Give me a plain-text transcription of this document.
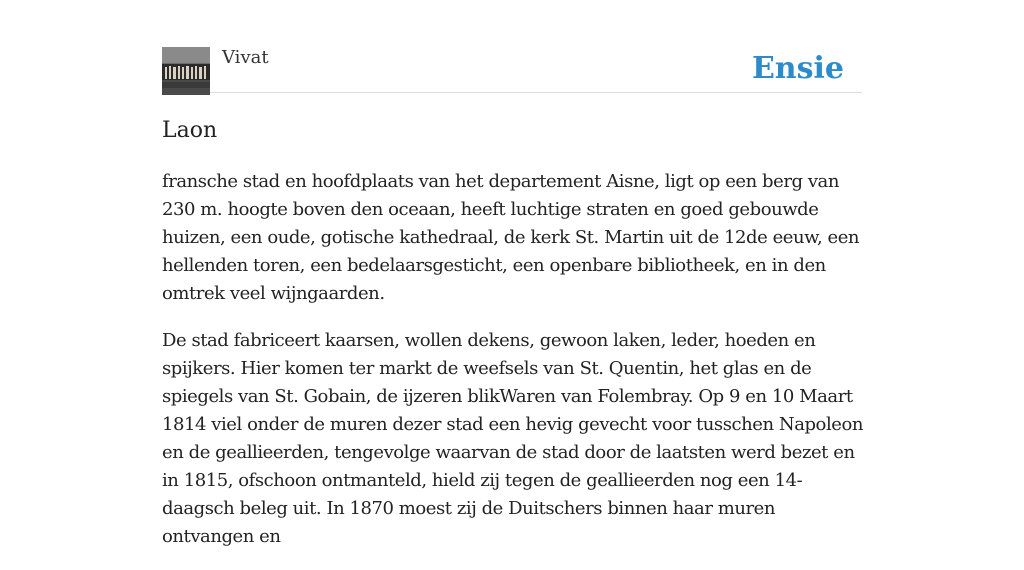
Vivat	Ensie
Laon

fransche stad en hoofdplaats van het departement Aisne, ligt op een berg van 230 m. hoogte boven den oceaan, heeft luchtige straten en goed gebouwde huizen, een oude, gotische kathedraal, de kerk St. Martin uit de 12de eeuw, een hellenden toren, een bedelaarsgesticht, een openbare bibliotheek, en in den omtrek veel wijngaarden.

De stad fabriceert kaarsen, wollen dekens, gewoon laken, leder, hoeden en spijkers. Hier komen ter markt de weefsels van St. Quentin, het glas en de spiegels van St. Gobain, de ijzeren blikWaren van Folembray. Op 9 en 10 Maart 1814 viel onder de muren dezer stad een hevig gevecht voor tusschen Napoleon en de geallieerden, tengevolge waarvan de stad door de laatsten werd bezet en in 1815, ofschoon ontmanteld, hield zij tegen de geallieerden nog een 14-daagsch beleg uit. In 1870 moest zij de Duitschers binnen haar muren ontvangen en
